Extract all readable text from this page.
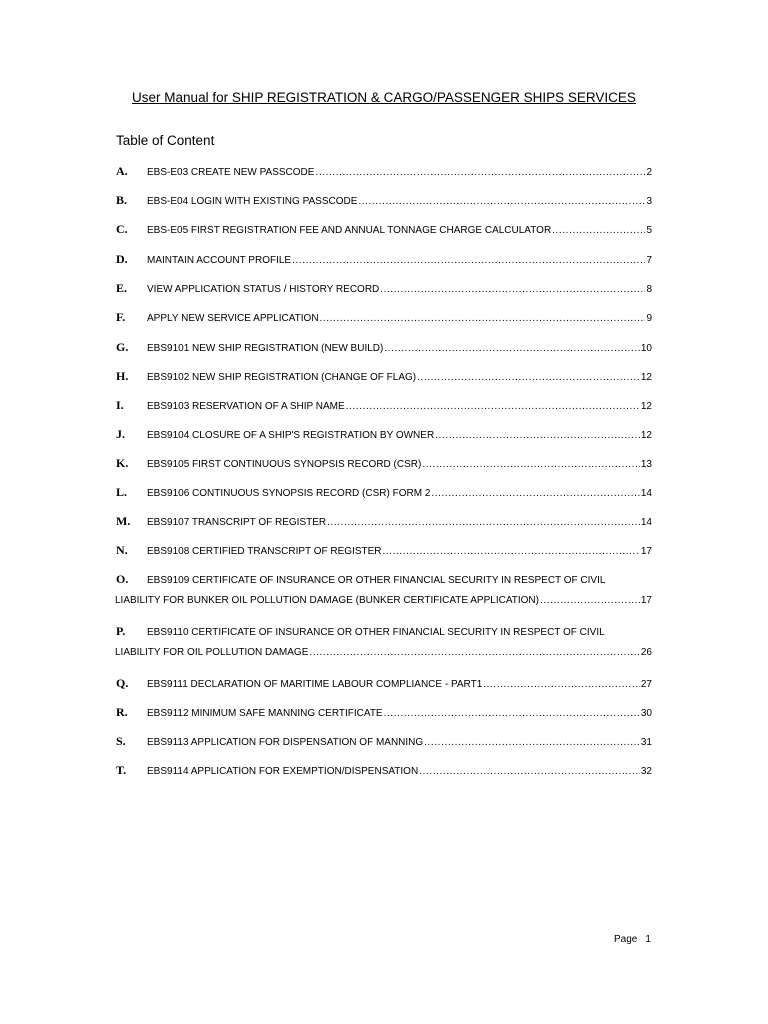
User Manual for SHIP REGISTRATION & CARGO/PASSENGER SHIPS SERVICES
Table of Content
A.	EBS-E03 CREATE NEW PASSCODE .....	2
B.	EBS-E04 LOGIN WITH EXISTING PASSCODE .....	3
C.	EBS-E05 FIRST REGISTRATION FEE AND ANNUAL TONNAGE CHARGE CALCULATOR .....	5
D.	MAINTAIN ACCOUNT PROFILE .....	7
E.	VIEW APPLICATION STATUS / HISTORY RECORD .....	8
F.	APPLY NEW SERVICE APPLICATION .....	9
G.	EBS9101 NEW SHIP REGISTRATION (NEW BUILD) .....	10
H.	EBS9102 NEW SHIP REGISTRATION (CHANGE OF FLAG) .....	12
I.	EBS9103 RESERVATION OF A SHIP NAME .....	12
J.	EBS9104 CLOSURE OF A SHIP'S REGISTRATION BY OWNER .....	12
K.	EBS9105 FIRST CONTINUOUS SYNOPSIS RECORD (CSR) .....	13
L.	EBS9106 CONTINUOUS SYNOPSIS RECORD (CSR) FORM 2 .....	14
M.	EBS9107 TRANSCRIPT OF REGISTER .....	14
N.	EBS9108 CERTIFIED TRANSCRIPT OF REGISTER .....	17
O.	EBS9109 CERTIFICATE OF INSURANCE OR OTHER FINANCIAL SECURITY IN RESPECT OF CIVIL
LIABILITY FOR BUNKER OIL POLLUTION DAMAGE (BUNKER CERTIFICATE APPLICATION) .....	17
P.	EBS9110 CERTIFICATE OF INSURANCE OR OTHER FINANCIAL SECURITY IN RESPECT OF CIVIL
LIABILITY FOR OIL POLLUTION DAMAGE .....	26
Q.	EBS9111 DECLARATION OF MARITIME LABOUR COMPLIANCE - PART1 .....	27
R.	EBS9112 MINIMUM SAFE MANNING CERTIFICATE .....	30
S.	EBS9113 APPLICATION FOR DISPENSATION OF MANNING .....	31
T.	EBS9114 APPLICATION FOR EXEMPTION/DISPENSATION .....	32
Page 1
